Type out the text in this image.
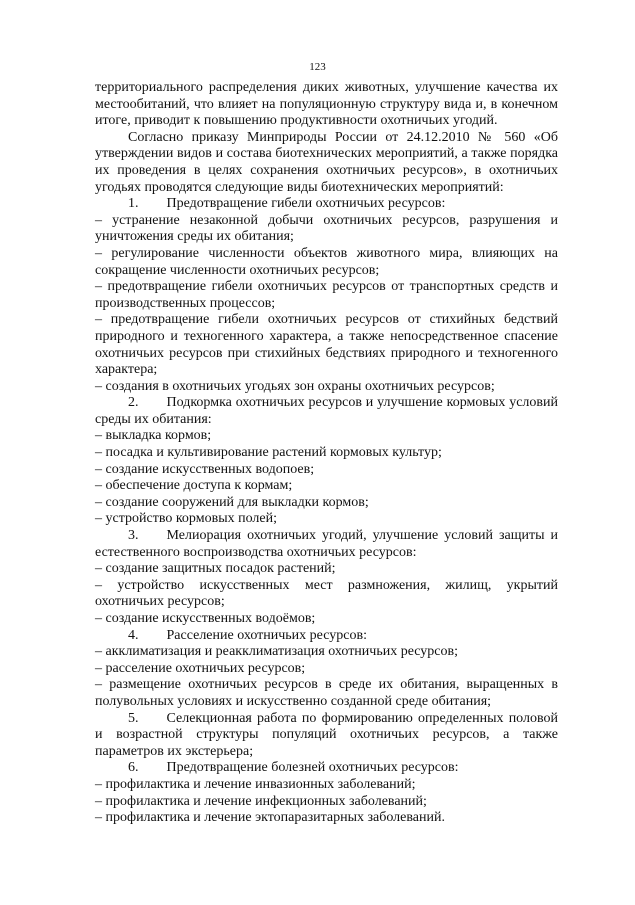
123

территориального распределения диких животных, улучшение качества их местообитаний, что влияет на популяционную структуру вида и, в конечном итоге, приводит к повышению продуктивности охотничьих угодий.

Согласно приказу Минприроды России от 24.12.2010 № 560 «Об утверждении видов и состава биотехнических мероприятий, а также порядка их проведения в целях сохранения охотничьих ресурсов», в охотничьих угодьях проводятся следующие виды биотехнических мероприятий:

1.  Предотвращение гибели охотничьих ресурсов:

– устранение незаконной добычи охотничьих ресурсов, разрушения и уничтожения среды их обитания;

– регулирование численности объектов животного мира, влияющих на сокращение численности охотничьих ресурсов;

– предотвращение гибели охотничьих ресурсов от транспортных средств и производственных процессов;

– предотвращение гибели охотничьих ресурсов от стихийных бедствий природного и техногенного характера, а также непосредственное спасение охотничьих ресурсов при стихийных бедствиях природного и техногенного характера;

– создания в охотничьих угодьях зон охраны охотничьих ресурсов;

2.  Подкормка охотничьих ресурсов и улучшение кормовых условий среды их обитания:

– выкладка кормов;

– посадка и культивирование растений кормовых культур;

– создание искусственных водопоев;

– обеспечение доступа к кормам;

– создание сооружений для выкладки кормов;

– устройство кормовых полей;

3.  Мелиорация охотничьих угодий, улучшение условий защиты и естественного воспроизводства охотничьих ресурсов:

– создание защитных посадок растений;

– устройство искусственных мест размножения, жилищ, укрытий охотничьих ресурсов;

– создание искусственных водоёмов;

4.  Расселение охотничьих ресурсов:

– акклиматизация и реакклиматизация охотничьих ресурсов;

– расселение охотничьих ресурсов;

– размещение охотничьих ресурсов в среде их обитания, выращенных в полувольных условиях и искусственно созданной среде обитания;

5.  Селекционная работа по формированию определенных половой и возрастной структуры популяций охотничьих ресурсов, а также параметров их экстерьера;

6.  Предотвращение болезней охотничьих ресурсов:

– профилактика и лечение инвазионных заболеваний;

– профилактика и лечение инфекционных заболеваний;

– профилактика и лечение эктопаразитарных заболеваний.
